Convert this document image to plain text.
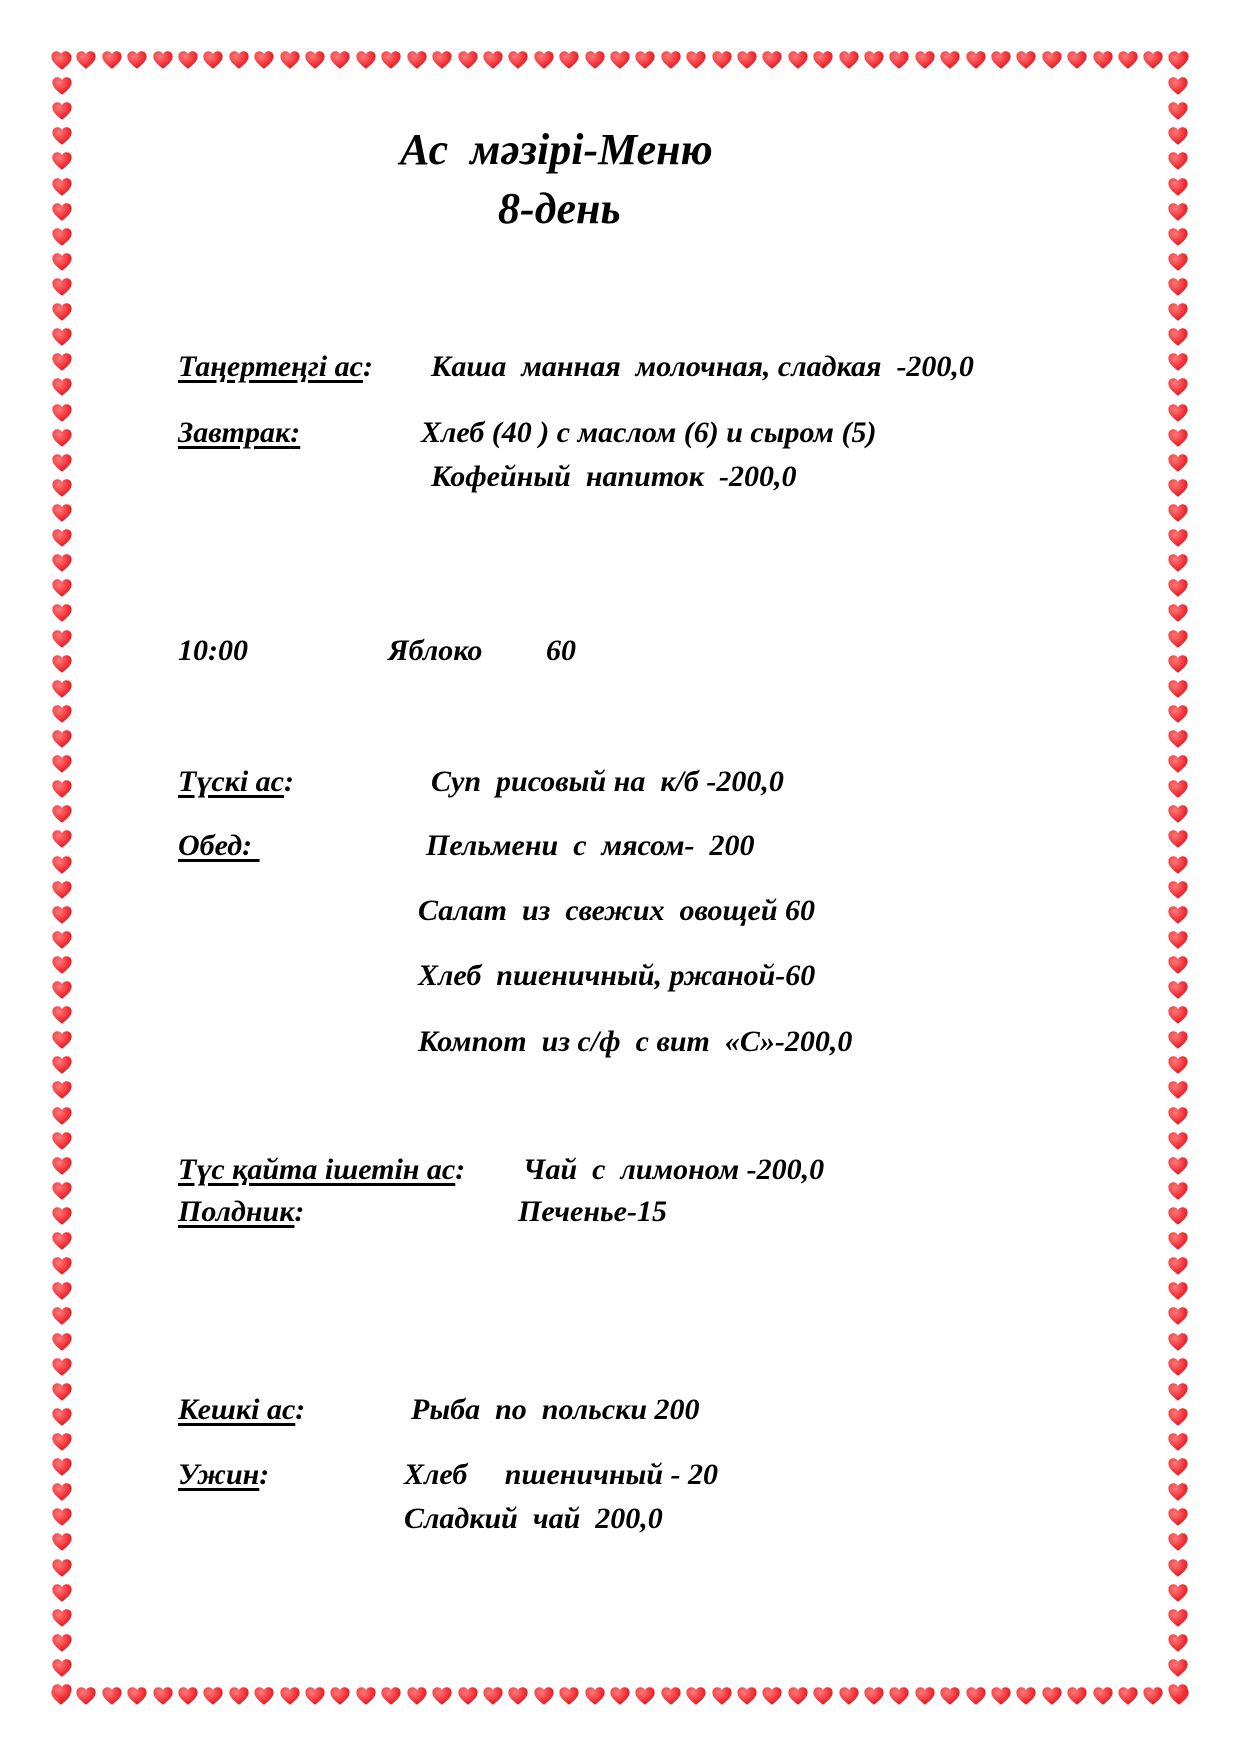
Ас  мәзірі-Меню
8-день
Таңертеңгі ас: Каша  манная  молочная, сладкая  -200,0
Завтрак:	Хлеб (40 ) с маслом (6) и сыром (5)
Кофейный  напиток  -200,0
10:00	Яблоко 60
Түскі ас:	Суп  рисовый на  к/б -200,0
Обед:	Пельмени  с  мясом-  200
Салат  из  свежих  овощей 60
Хлеб  пшеничный, ржаной-60
Компот  из с/ф  с вит  «С»-200,0
Түс қайта ішетін ас: Чай  с  лимоном -200,0
Полдник:	Печенье-15
Кешкі ас:	Рыба  по  польски 200
Ужин:	Хлеб     пшеничный - 20
Сладкий  чай  200,0
